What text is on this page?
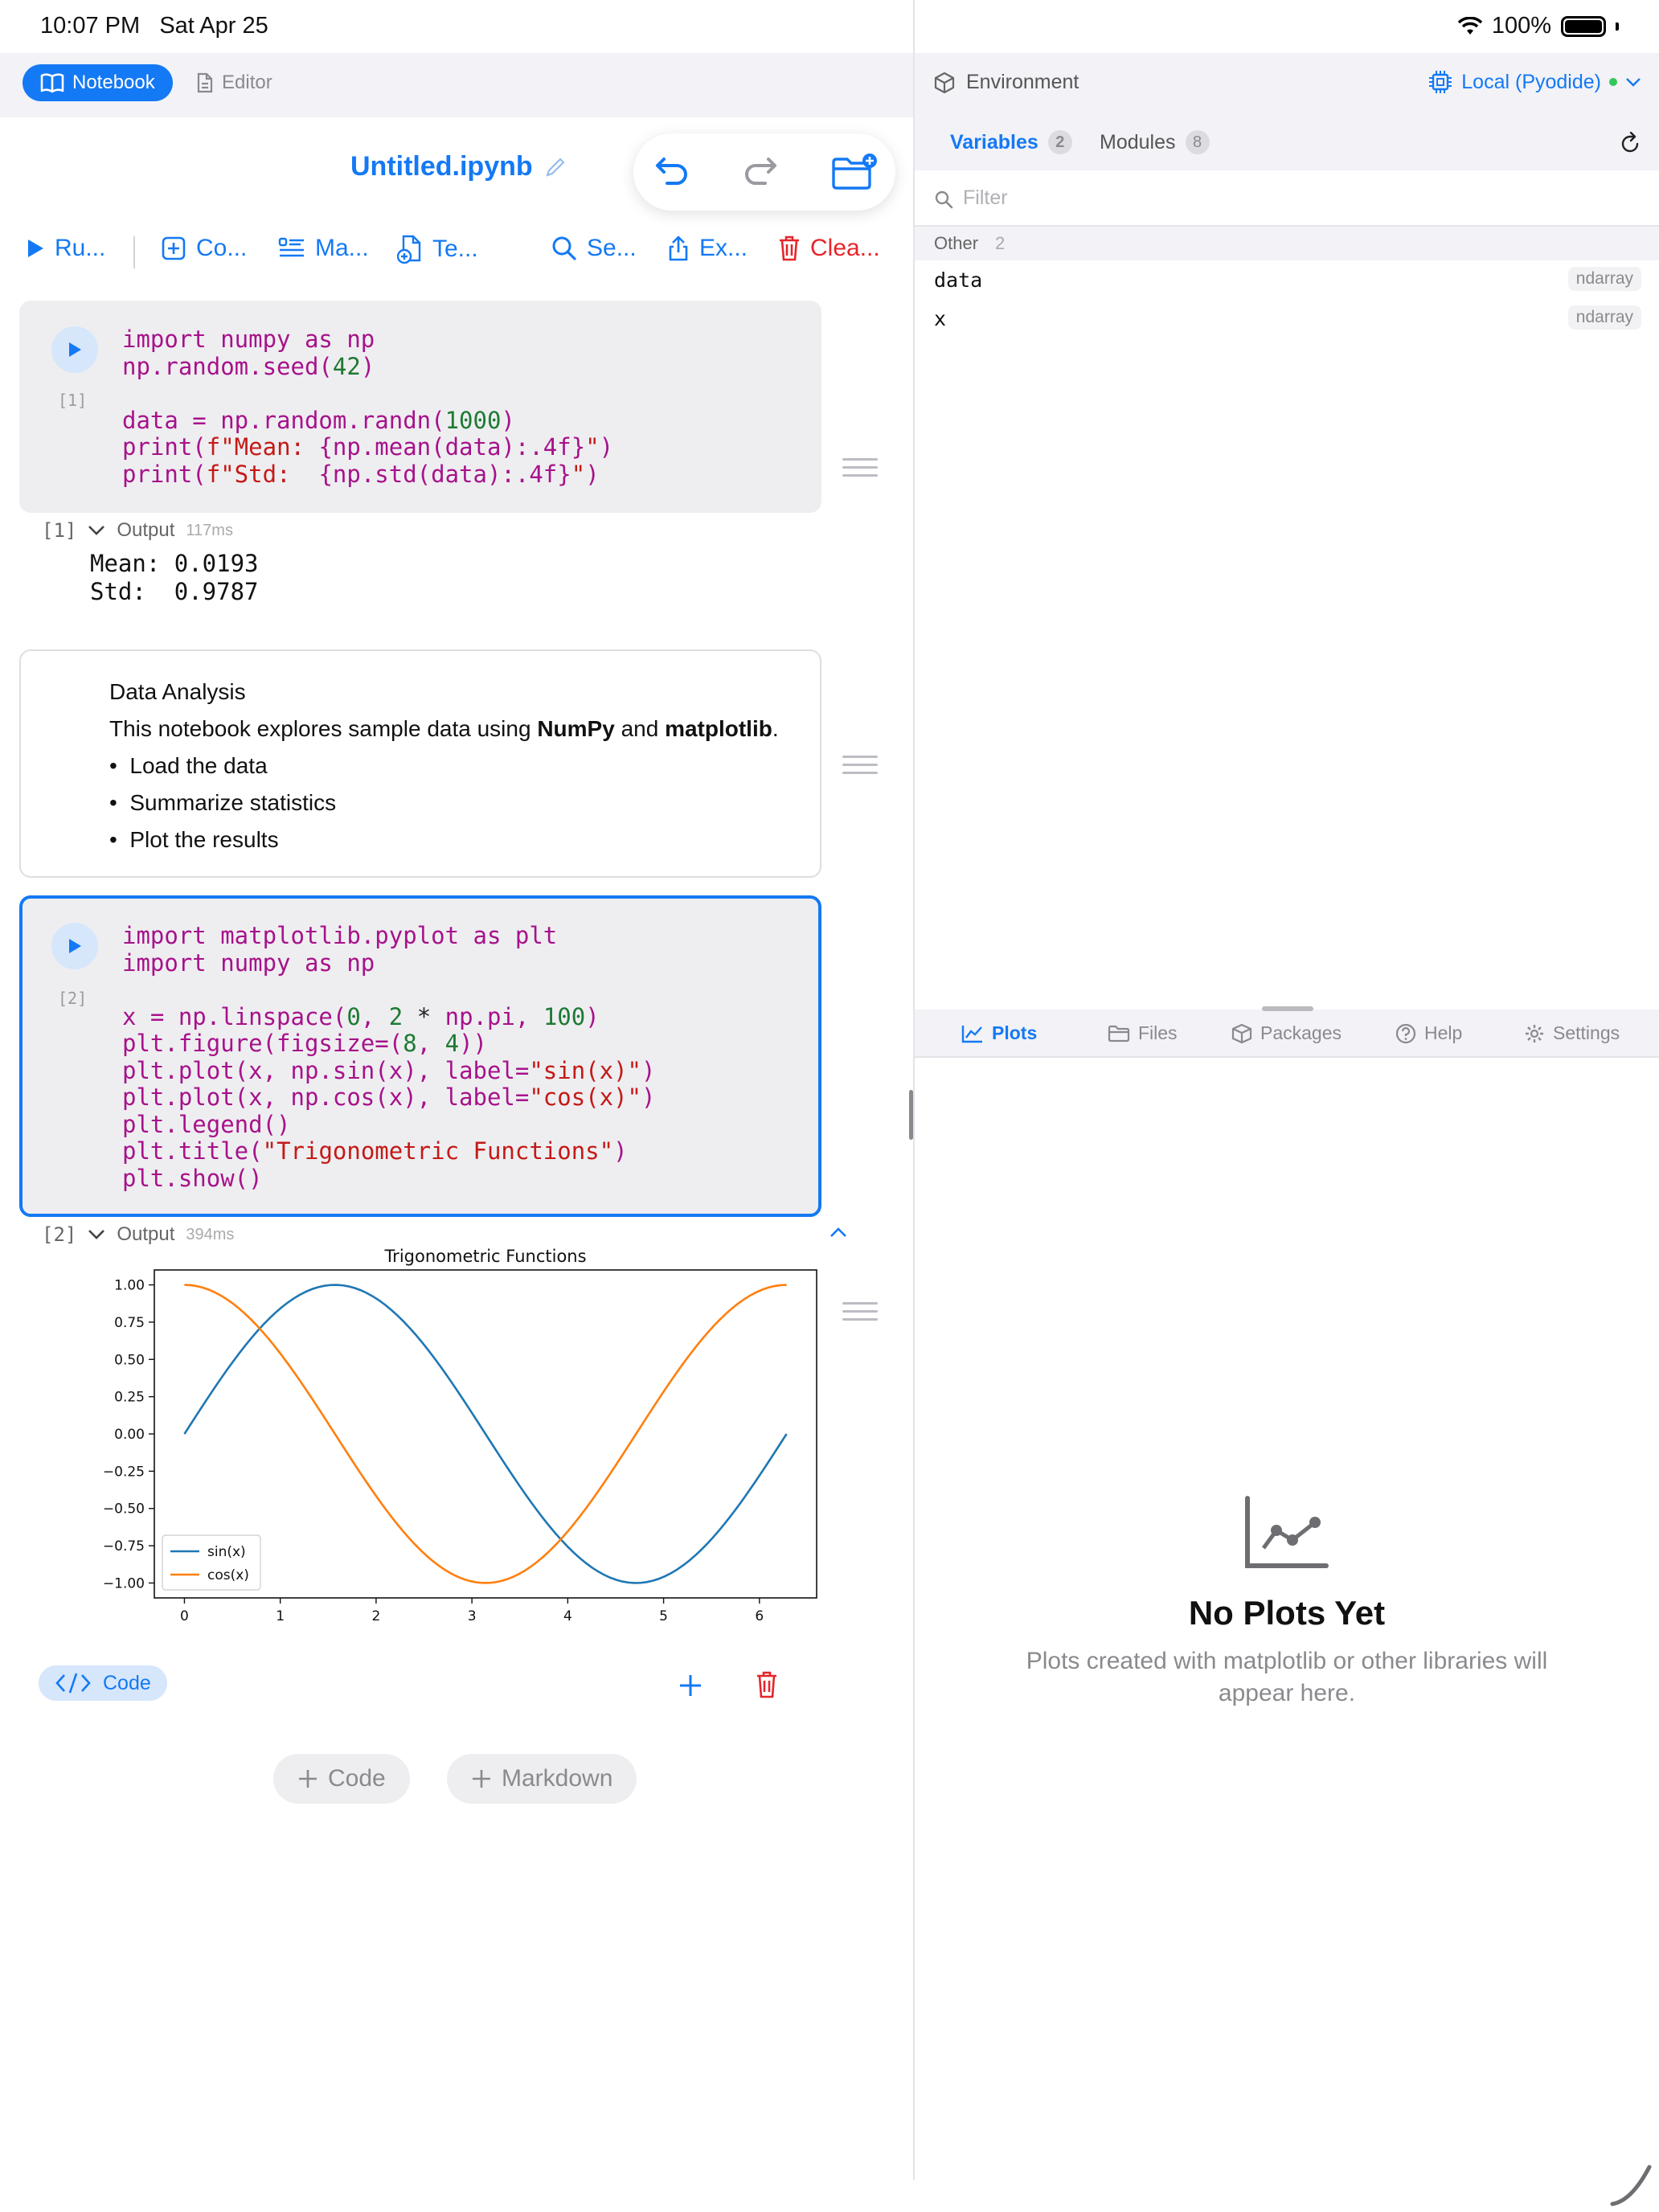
10:07 PM Sat Apr 25	100%
Notebook	Editor
Untitled.ipynb
Ru...	Co...	Ma...	Te...	Se...	Ex...	Clea...
[1]
import numpy as np
np.random.seed(42)

data = np.random.randn(1000)
print(f"Mean: {np.mean(data):.4f}")
print(f"Std:  {np.std(data):.4f}")
[1] Output 117ms
Mean: 0.0193
Std:  0.9787
Data Analysis
This notebook explores sample data using NumPy and matplotlib.
•  Load the data
•  Summarize statistics
•  Plot the results
[2]
import matplotlib.pyplot as plt
import numpy as np

x = np.linspace(0, 2 * np.pi, 100)
plt.figure(figsize=(8, 4))
plt.plot(x, np.sin(x), label="sin(x)")
plt.plot(x, np.cos(x), label="cos(x)")
plt.legend()
plt.title("Trigonometric Functions")
plt.show()
[2] Output 394ms
Trigonometric Functions
1.00
0.75
0.50
0.25
0.00
−0.25
−0.50
−0.75
−1.00
0	1	2	3	4	5	6
sin(x)
cos(x)
Code
Code	Markdown
Environment	Local (Pyodide)
Variables	2	Modules	8
Filter
Other 2
data	ndarray
x	ndarray
Plots	Files	Packages	Help	Settings
No Plots Yet
Plots created with matplotlib or other libraries will appear here.
